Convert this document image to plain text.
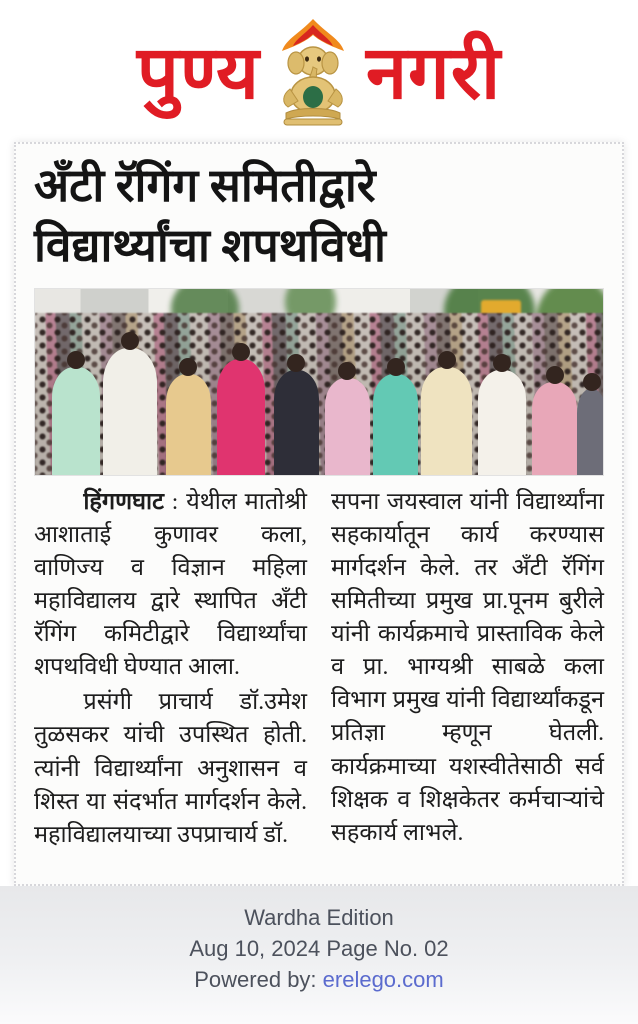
पुण्य नगरी
अँटी रॅगिंग समितीद्वारे
विद्यार्थ्यांचा शपथविधी

हिंगणघाट : येथील मातोश्री आशाताई कुणावर कला, वाणिज्य व विज्ञान महिला महाविद्यालय द्वारे स्थापित अँटी रॅगिंग कमिटीद्वारे विद्यार्थ्यांचा शपथविधी घेण्यात आला.

प्रसंगी प्राचार्य डॉ.उमेश तुळसकर यांची उपस्थित होती. त्यांनी विद्यार्थ्यांना अनुशासन व शिस्त या संदर्भात मार्गदर्शन केले. महाविद्यालयाच्या उपप्राचार्य डॉ.

सपना जयस्वाल यांनी विद्यार्थ्यांना सहकार्यातून कार्य करण्यास मार्गदर्शन केले. तर अँटी रॅगिंग समितीच्या प्रमुख प्रा.पूनम बुरीले यांनी कार्यक्रमाचे प्रास्ताविक केले व प्रा. भाग्यश्री साबळे कला विभाग प्रमुख यांनी विद्यार्थ्यांकडून प्रतिज्ञा म्हणून घेतली. कार्यक्रमाच्या यशस्वीतेसाठी सर्व शिक्षक व शिक्षकेतर कर्मचाऱ्यांचे सहकार्य लाभले.

Wardha Edition
Aug 10, 2024 Page No. 02
Powered by: erelego.com
